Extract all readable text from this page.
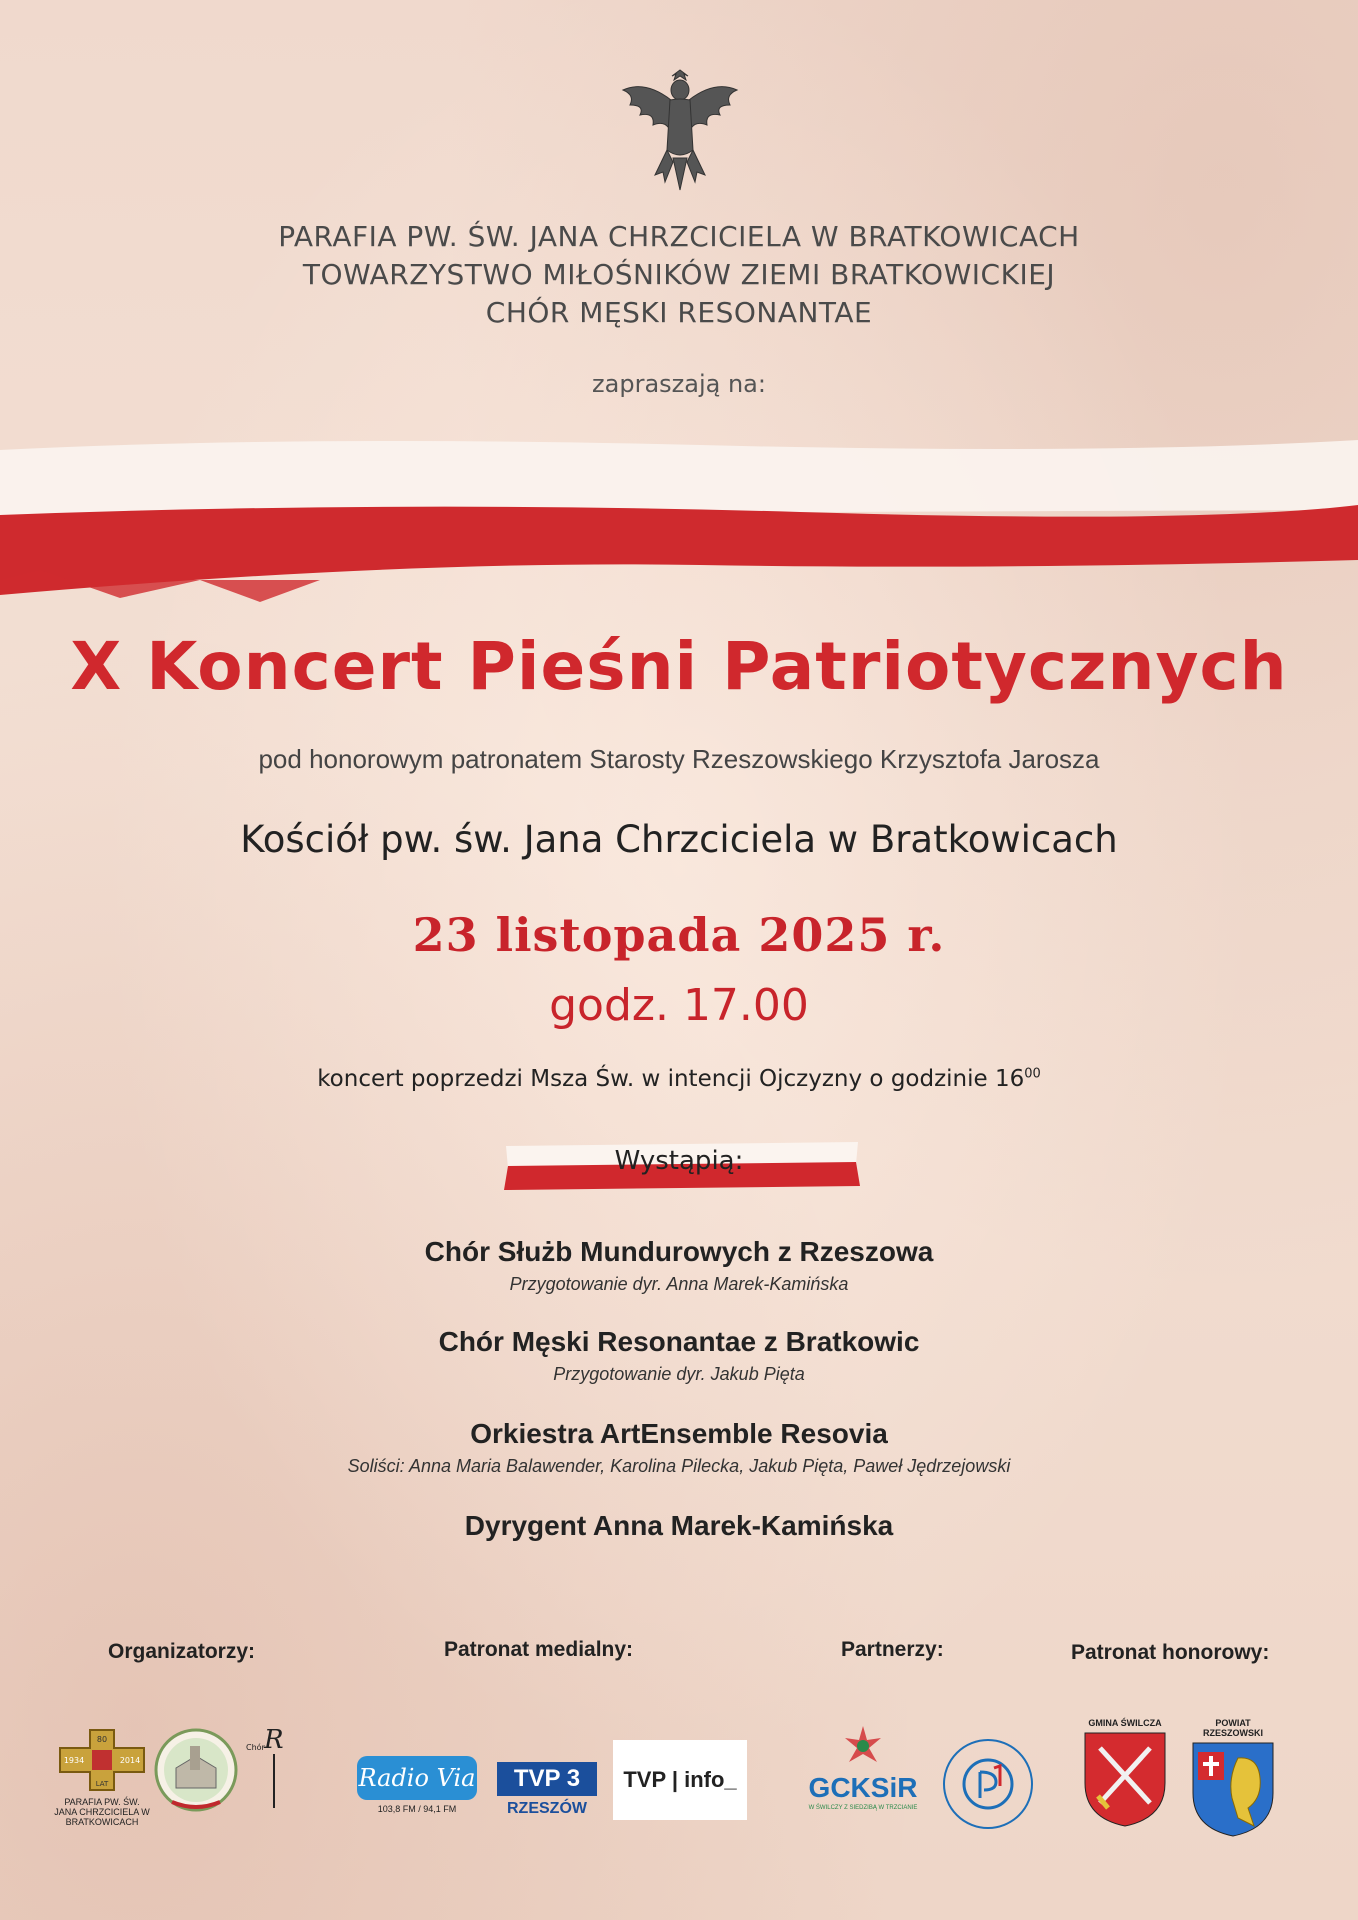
PARAFIA PW. ŚW. JANA CHRZCICIELA W BRATKOWICACH
TOWARZYSTWO MIŁOŚNIKÓW ZIEMI BRATKOWICKIEJ
CHÓR MĘSKI RESONANTAE
zapraszają na:
X Koncert Pieśni Patriotycznych
pod honorowym patronatem Starosty Rzeszowskiego Krzysztofa Jarosza
Kościół pw. św. Jana Chrzciciela w Bratkowicach
23 listopada 2025 r.
godz. 17.00
koncert poprzedzi Msza Św. w intencji Ojczyzny o godzinie $16^{00}$
Wystąpią:
Chór Służb Mundurowych z Rzeszowa
Przygotowanie dyr. Anna Marek-Kamińska
Chór Męski Resonantae z Bratkowic
Przygotowanie dyr. Jakub Pięta
Orkiestra ArtEnsemble Resovia
Soliści: Anna Maria Balawender, Karolina Pilecka, Jakub Pięta, Paweł Jędrzejowski
Dyrygent Anna Marek-Kamińska
Organizatorzy:	Patronat medialny:	Partnerzy:	Patronat honorowy:
80
1934	2014
LAT
PARAFIA PW. ŚW. JANA CHRZCICIELA W BRATKOWICACH
R
Chór
Radio Via
103,8 FM / 94,1 FM
TVP 3
RZESZÓW
TVP | info_	GCKSiR
W ŚWILCZY Z SIEDZIBĄ W TRZCIANIE
GMINA ŚWILCZA	POWIAT RZESZOWSKI
